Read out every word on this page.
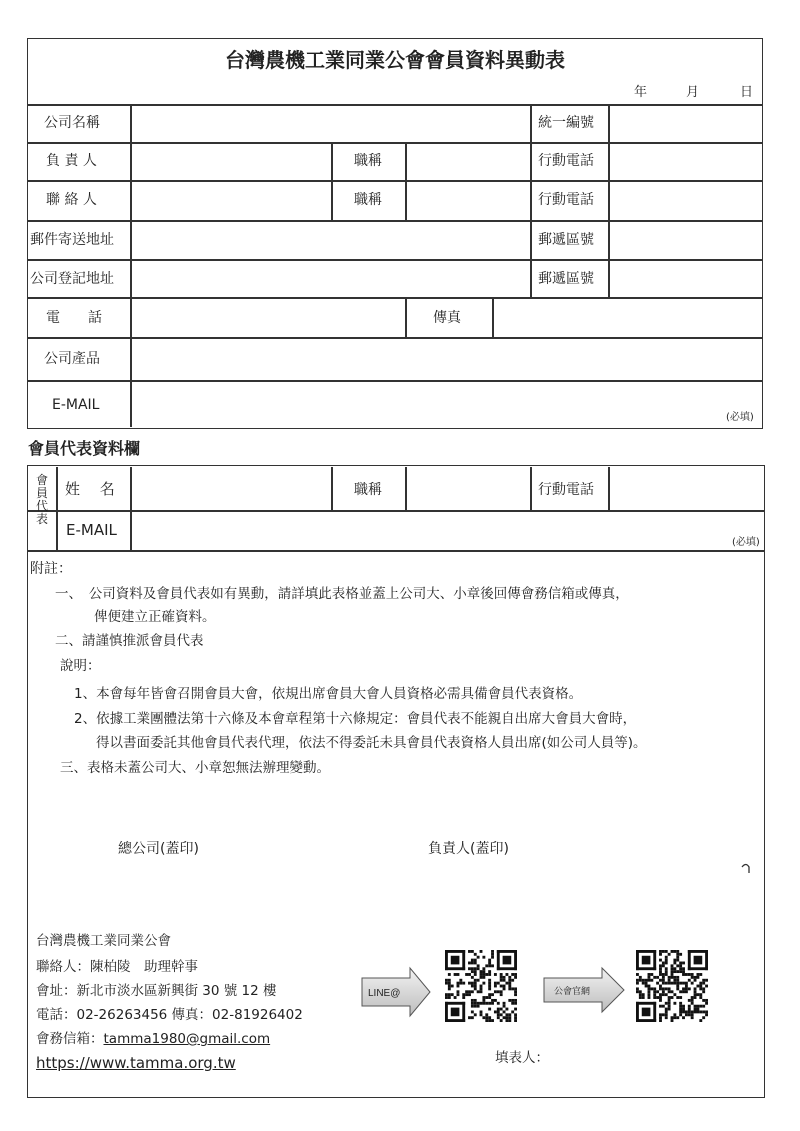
台灣農機工業同業公會會員資料異動表
年	月	日
公司名稱	統一編號
負 責 人	職稱	行動電話
聯 絡 人	職稱	行動電話
郵件寄送地址	郵遞區號
公司登記地址	郵遞區號
電　　話	傳真
公司產品
E-MAIL
(必填)
會員代表資料欄
會
員
代
表
姓　 名	職稱	行動電話
E-MAIL
(必填)
附註：
一、　公司資料及會員代表如有異動，請詳填此表格並蓋上公司大、小章後回傳會務信箱或傳真，
俾便建立正確資料。
二、請謹慎推派會員代表
說明：
1、本會每年皆會召開會員大會，依規出席會員大會人員資格必需具備會員代表資格。
2、依據工業團體法第十六條及本會章程第十六條規定：會員代表不能親自出席大會員大會時，
得以書面委託其他會員代表代理，依法不得委託未具會員代表資格人員出席(如公司人員等)。
三、表格未蓋公司大、小章恕無法辦理變動。
總公司(蓋印)	負責人(蓋印)
台灣農機工業同業公會
聯絡人：陳柏陵　助理幹事
會址：新北市淡水區新興街 30 號 12 樓
電話：02-26263456 傳真：02-81926402
會務信箱：tamma1980@gmail.com
https://www.tamma.org.tw	填表人：
LINE@	公會官網
